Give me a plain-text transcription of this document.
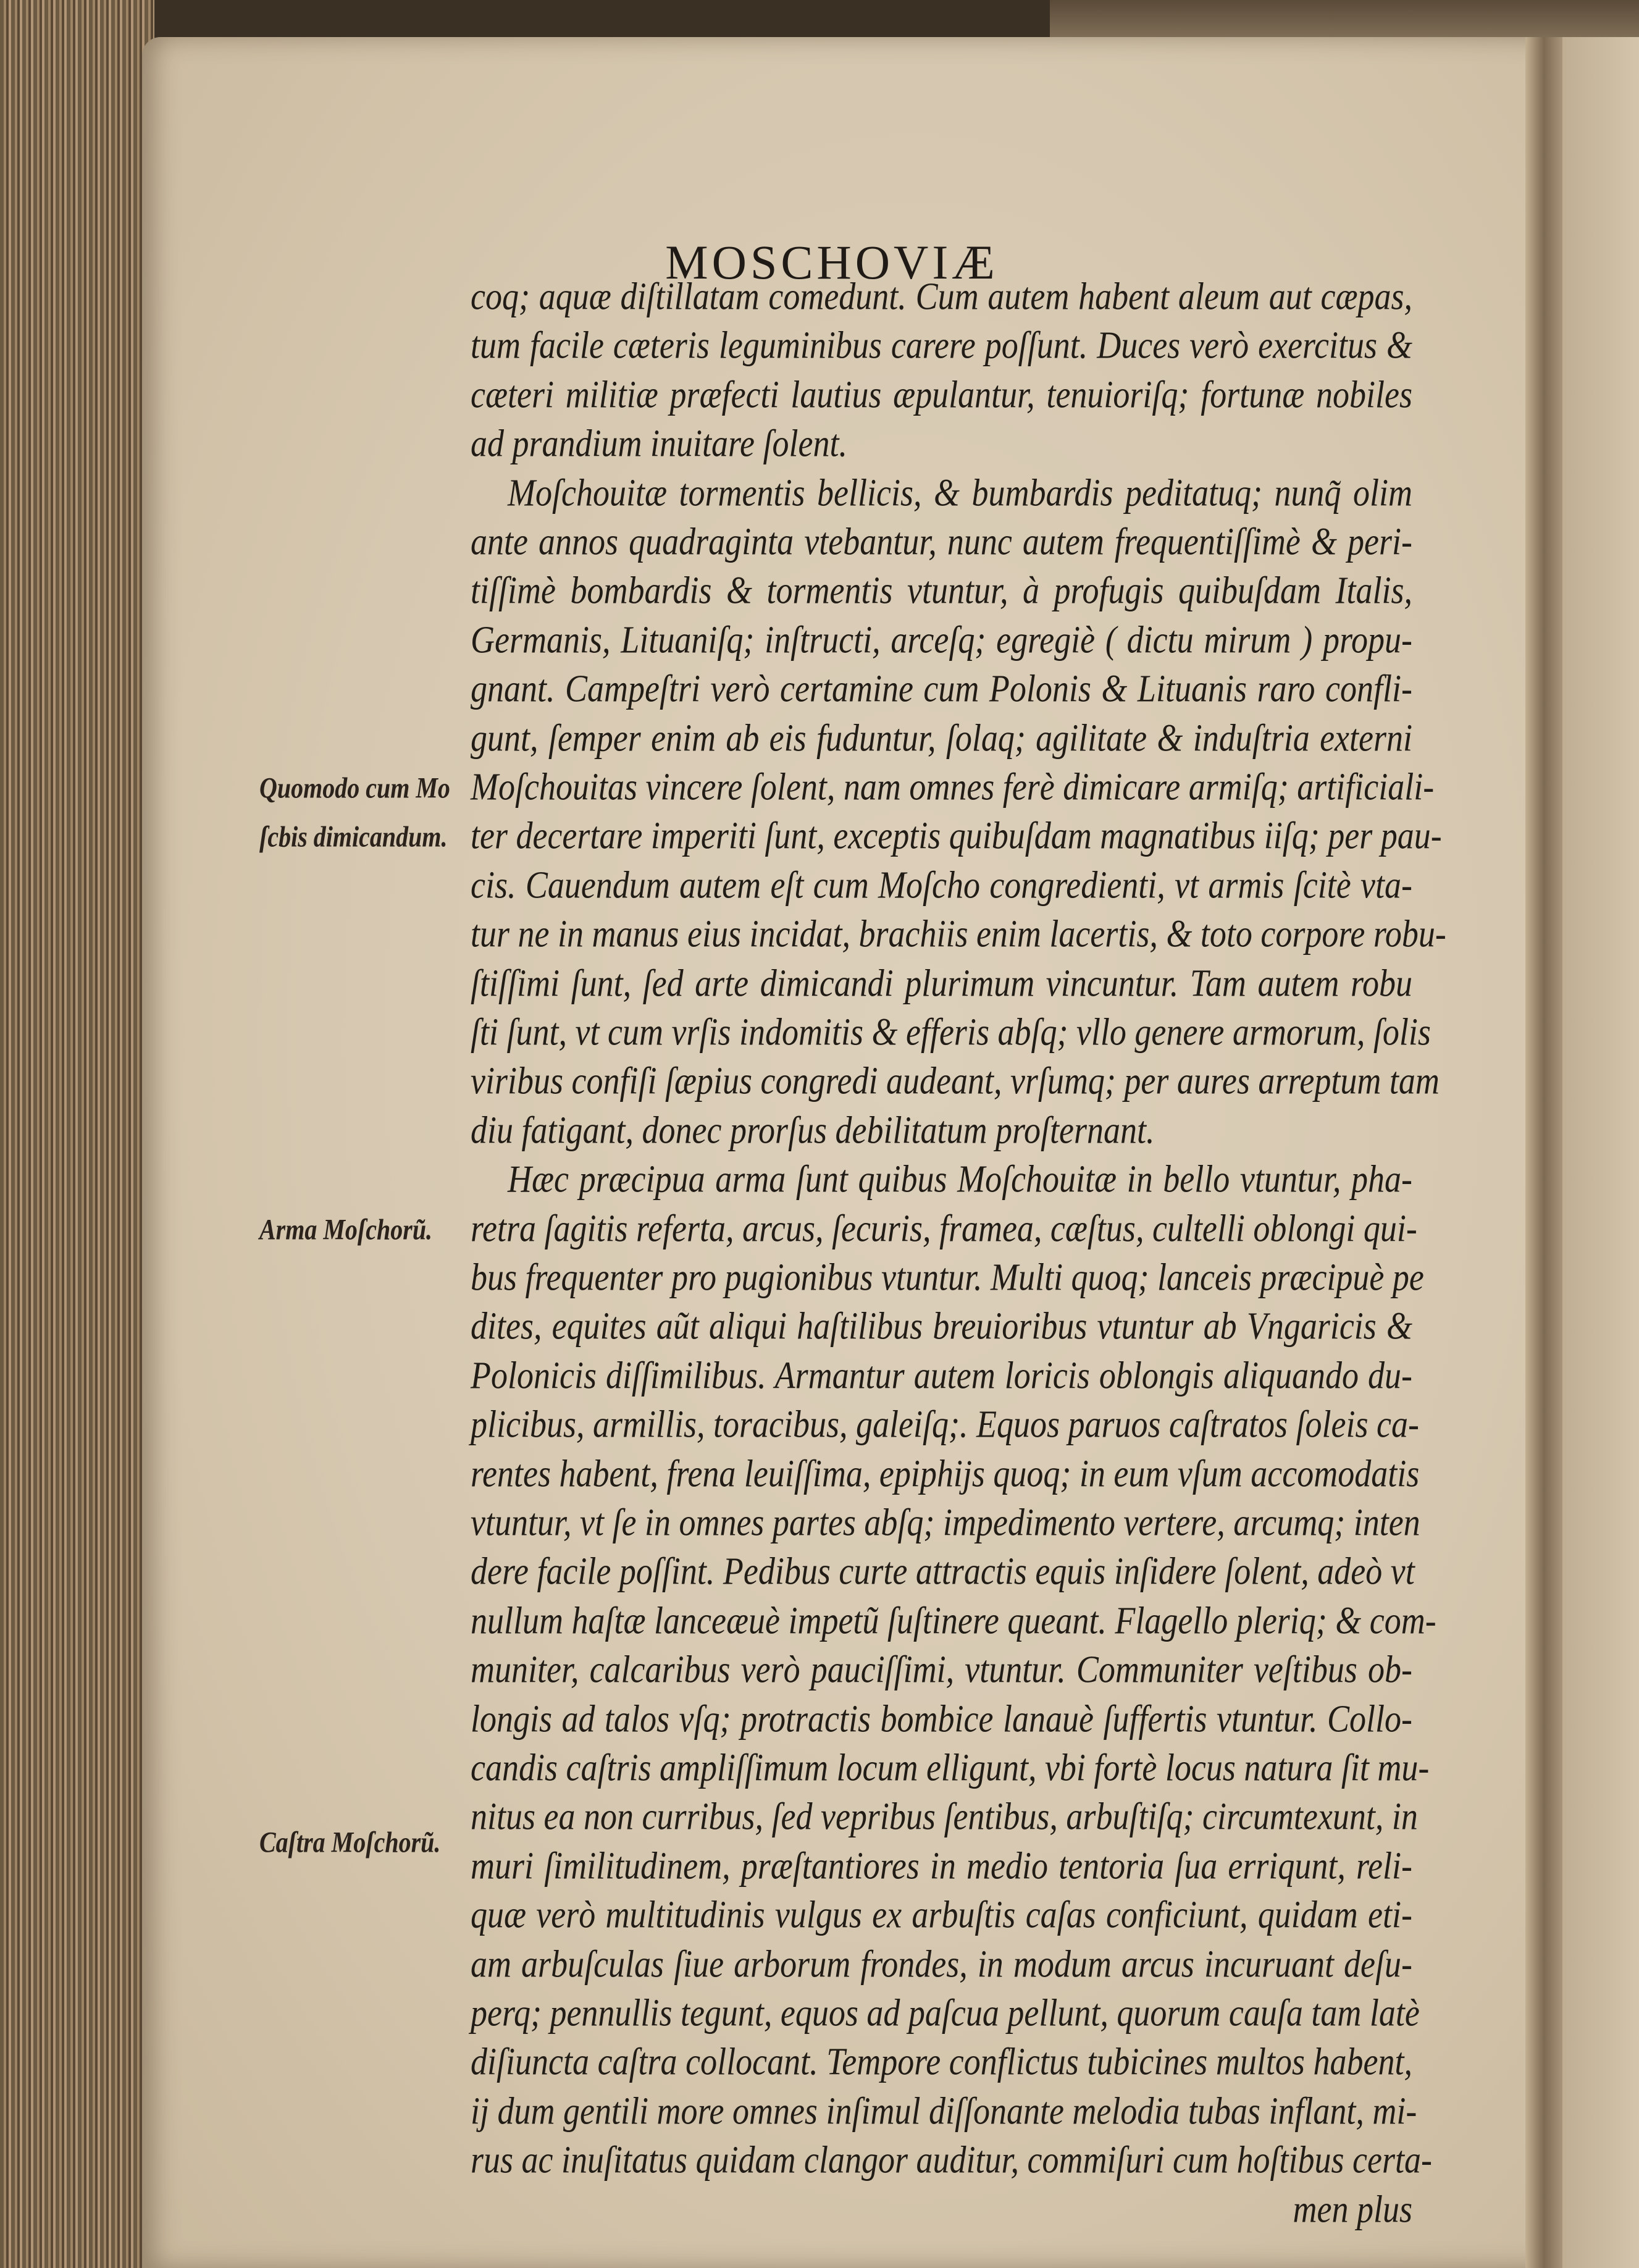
MOSCHOVIÆ
coq; aquæ diſtillatam comedunt. Cum autem habent aleum aut cæpas,
tum facile cæteris leguminibus carere poſſunt. Duces verò exercitus &
cæteri militiæ præfecti lautius æpulantur, tenuioriſq; fortunæ nobiles
ad prandium inuitare ſolent.
Moſchouitæ tormentis bellicis, & bumbardis peditatuq; nunq̃ olim
ante annos quadraginta vtebantur, nunc autem frequentiſſimè & peri-
tiſſimè bombardis & tormentis vtuntur, à profugis quibuſdam Italis,
Germanis, Lituaniſq; inſtructi, arceſq; egregiè ( dictu mirum ) propu-
gnant. Campeſtri verò certamine cum Polonis & Lituanis raro confli-
gunt, ſemper enim ab eis fuduntur, ſolaq; agilitate & induſtria externi
Moſchouitas vincere ſolent, nam omnes ferè dimicare armiſq; artificiali-
ter decertare imperiti ſunt, exceptis quibuſdam magnatibus iiſq; per pau-
cis. Cauendum autem eſt cum Moſcho congredienti, vt armis ſcitè vta-
tur ne in manus eius incidat, brachiis enim lacertis, & toto corpore robu-
ſtiſſimi ſunt, ſed arte dimicandi plurimum vincuntur. Tam autem robu
ſti ſunt, vt cum vrſis indomitis & efferis abſq; vllo genere armorum, ſolis
viribus confiſi ſæpius congredi audeant, vrſumq; per aures arreptum tam
diu fatigant, donec prorſus debilitatum proſternant.
Hæc præcipua arma ſunt quibus Moſchouitæ in bello vtuntur, pha-
retra ſagitis referta, arcus, ſecuris, framea, cæſtus, cultelli oblongi qui-
bus frequenter pro pugionibus vtuntur. Multi quoq; lanceis præcipuè pe
dites, equites aũt aliqui haſtilibus breuioribus vtuntur ab Vngaricis &
Polonicis diſſimilibus. Armantur autem loricis oblongis aliquando du-
plicibus, armillis, toracibus, galeiſq;. Equos paruos caſtratos ſoleis ca-
rentes habent, frena leuiſſima, epiphijs quoq; in eum vſum accomodatis
vtuntur, vt ſe in omnes partes abſq; impedimento vertere, arcumq; inten
dere facile poſſint. Pedibus curte attractis equis inſidere ſolent, adeò vt
nullum haſtæ lanceæuè impetũ ſuſtinere queant. Flagello pleriq; & com-
muniter, calcaribus verò pauciſſimi, vtuntur. Communiter veſtibus ob-
longis ad talos vſq; protractis bombice lanauè ſuffertis vtuntur. Collo-
candis caſtris ampliſſimum locum elligunt, vbi fortè locus natura ſit mu-
nitus ea non curribus, ſed vepribus ſentibus, arbuſtiſq; circumtexunt, in
muri ſimilitudinem, præſtantiores in medio tentoria ſua erriqunt, reli-
quæ verò multitudinis vulgus ex arbuſtis caſas conficiunt, quidam eti-
am arbuſculas ſiue arborum frondes, in modum arcus incuruant deſu-
perq; pennullis tegunt, equos ad paſcua pellunt, quorum cauſa tam latè
diſiuncta caſtra collocant. Tempore conflictus tubicines multos habent,
ij dum gentili more omnes inſimul diſſonante melodia tubas inflant, mi-
rus ac inuſitatus quidam clangor auditur, commiſuri cum hoſtibus certa-
men plus
Quomodo cum Mo
ſcbis dimicandum.
Arma Moſchorũ.
Caſtra Moſchorũ.
